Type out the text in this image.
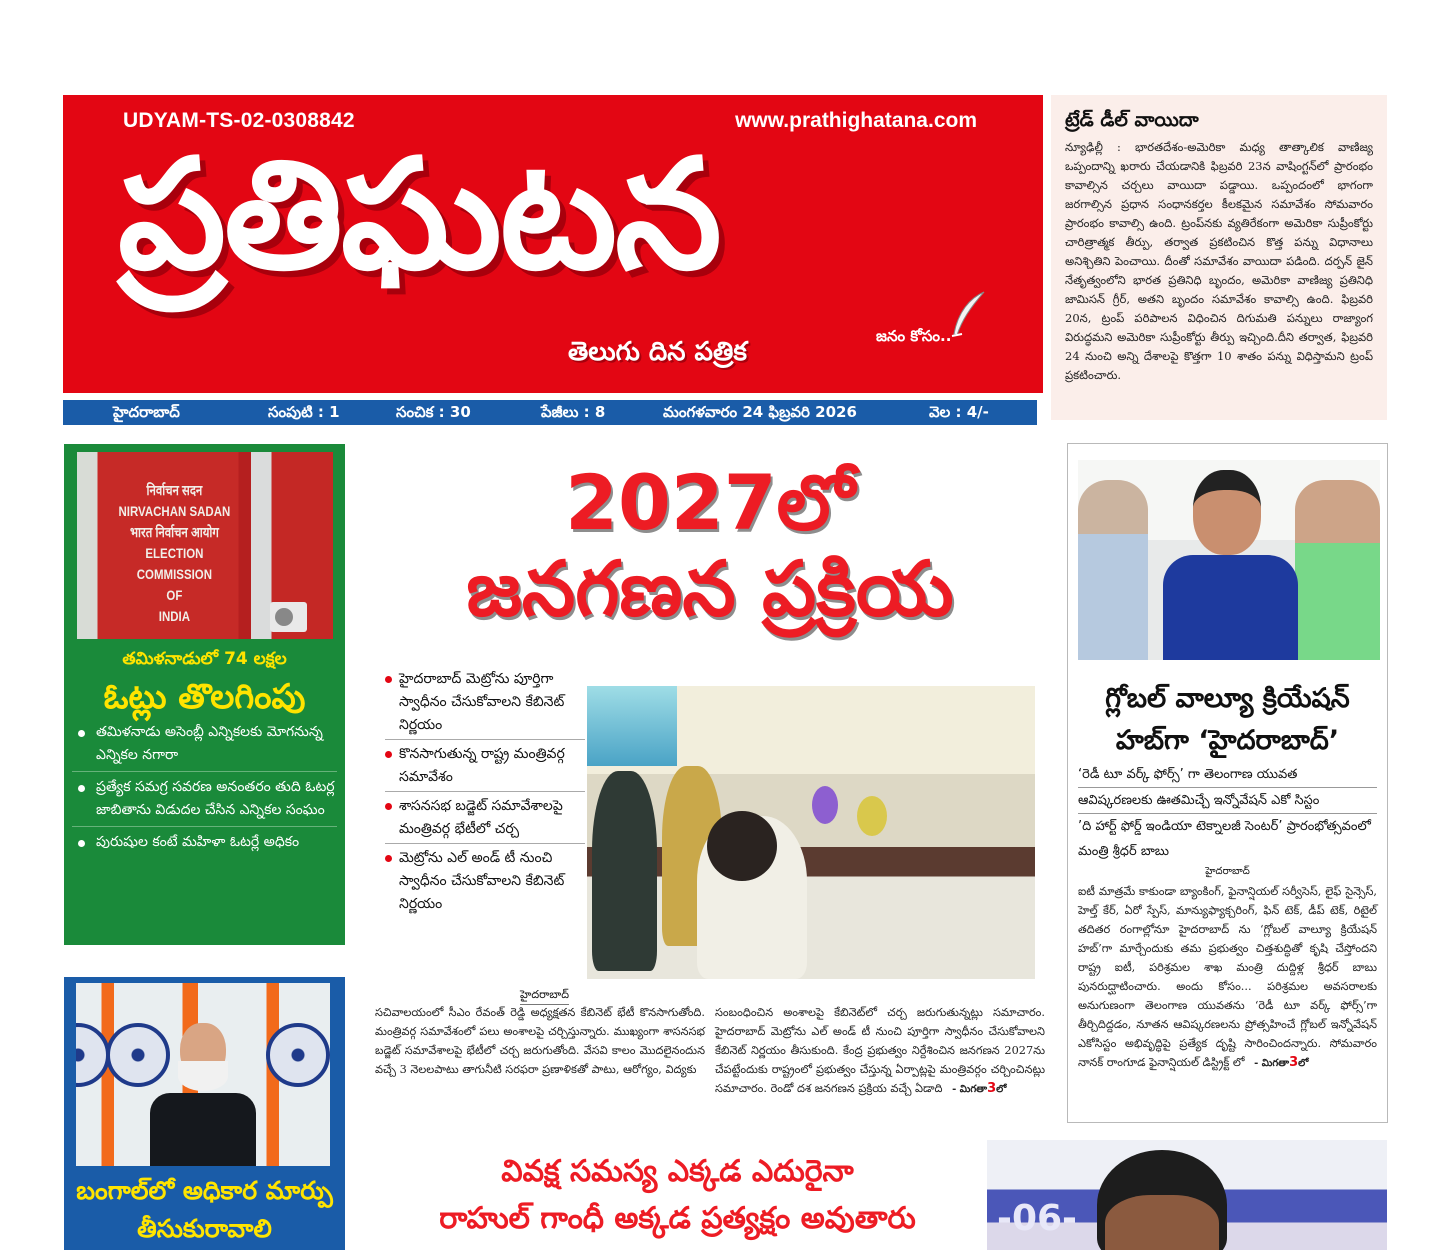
UDYAM-TS-02-0308842	www.prathighatana.com
ప్రతిఘటన
తెలుగు దిన పత్రిక
జనం కోసం..
హైదరాబాద్	సంపుటి : 1	సంచిక : 30	పేజీలు : 8	మంగళవారం 24 ఫిబ్రవరి 2026	వెల : 4/-
ట్రేడ్ డీల్ వాయిదా

న్యూఢిల్లీ : భారతదేశం-అమెరికా మధ్య తాత్కాలిక వాణిజ్య ఒప్పందాన్ని ఖరారు చేయడానికి ఫిబ్రవరి 23న వాషింగ్టన్‌లో ప్రారంభం కావాల్సిన చర్చలు వాయిదా పడ్డాయి. ఒప్పందంలో భాగంగా జరగాల్సిన ప్రధాన సంధానకర్తల కీలకమైన సమావేశం సోమవారం ప్రారంభం కావాల్సి ఉంది. ట్రంప్‌నకు వ్యతిరేకంగా అమెరికా సుప్రీంకోర్టు చారిత్రాత్మక తీర్పు, తర్వాత ప్రకటించిన కొత్త పన్ను విధానాలు అనిశ్చితిని పెంచాయి. దీంతో సమావేశం వాయిదా పడింది. దర్పన్ జైన్ నేతృత్వంలోని భారత ప్రతినిధి బృందం, అమెరికా వాణిజ్య ప్రతినిధి జామిసన్ గ్రీర్, అతని బృందం సమావేశం కావాల్సి ఉంది. ఫిబ్రవరి 20న, ట్రంప్ పరిపాలన విధించిన దిగుమతి పన్నులు రాజ్యాంగ విరుద్ధమని అమెరికా సుప్రీంకోర్టు తీర్పు ఇచ్చింది.దీని తర్వాత, ఫిబ్రవరి 24 నుంచి అన్ని దేశాలపై కొత్తగా 10 శాతం పన్ను విధిస్తామని ట్రంప్ ప్రకటించారు.

निर्वाचन सदन
NIRVACHAN SADAN
भारत निर्वाचन आयोग
ELECTION COMMISSION
OF
INDIA
తమిళనాడులో 74 లక్షల
ఓట్లు తొలగింపు
తమిళనాడు అసెంబ్లీ ఎన్నికలకు మోగనున్న ఎన్నికల నగారా
ప్రత్యేక సమగ్ర సవరణ అనంతరం తుది ఓటర్ల జాబితాను విడుదల చేసిన ఎన్నికల సంఘం
పురుషుల కంటే మహిళా ఓటర్లే అధికం
బంగాల్‌లో అధికార మార్పు తీసుకురావాలి
2027లో
జనగణన ప్రక్రియ
హైదరాబాద్ మెట్రోను పూర్తిగా స్వాధీనం చేసుకోవాలని కేబినెట్ నిర్ణయం
కొనసాగుతున్న రాష్ట్ర మంత్రివర్గ సమావేశం
శాసనసభ బడ్జెట్ సమావేశాలపై మంత్రివర్గ భేటీలో చర్చ
మెట్రోను ఎల్ అండ్ టీ నుంచి స్వాధీనం చేసుకోవాలని కేబినెట్ నిర్ణయం
హైదరాబాద్

సచివాలయంలో సీఎం రేవంత్ రెడ్డి అధ్యక్షతన కేబినెట్ భేటీ కొనసాగుతోంది. మంత్రివర్గ సమావేశంలో పలు అంశాలపై చర్చిస్తున్నారు. ముఖ్యంగా శాసనసభ బడ్జెట్ సమావేశాలపై భేటీలో చర్చ జరుగుతోంది. వేసవి కాలం మొదలైనందున వచ్చే 3 నెలలపాటు తాగునీటి సరఫరా ప్రణాళికతో పాటు, ఆరోగ్యం, విద్యకు

సంబంధించిన అంశాలపై కేబినెట్‌లో చర్చ జరుగుతున్నట్లు సమాచారం. హైదరాబాద్ మెట్రోను ఎల్ అండ్ టీ నుంచి పూర్తిగా స్వాధీనం చేసుకోవాలని కేబినెట్ నిర్ణయం తీసుకుంది. కేంద్ర ప్రభుత్వం నిర్దేశించిన జనగణన 2027ను చేపట్టేందుకు రాష్ట్రంలో ప్రభుత్వం చేస్తున్న ఏర్పాట్లపై మంత్రివర్గం చర్చించినట్లు సమాచారం. రెండో దశ జనగణన ప్రక్రియ వచ్చే ఏడాది - మిగతా3లో

గ్లోబల్ వాల్యూ క్రియేషన్ హబ్‌గా ‘హైదరాబాద్’
‘రెడీ టూ వర్క్ ఫోర్స్’ గా తెలంగాణ యువత
ఆవిష్కరణలకు ఊతమిచ్చే ఇన్నోవేషన్ ఎకో సిస్టం
’ది హార్ట్ ఫోర్డ్ ఇండియా టెక్నాలజీ సెంటర్’ ప్రారంభోత్సవంలో మంత్రి శ్రీధర్ బాబు
హైదరాబాద్

ఐటీ మాత్రమే కాకుండా బ్యాంకింగ్, ఫైనాన్షియల్ సర్వీసెస్, లైఫ్ సైన్సెస్, హెల్త్ కేర్, ఏరో స్పేస్, మాన్యుఫ్యాక్చరింగ్, ఫిన్ టెక్, డీప్ టెక్, రిటైల్ తదితర రంగాల్లోనూ హైదరాబాద్ ను ‘గ్లోబల్ వాల్యూ క్రియేషన్ హబ్’గా మార్చేందుకు తమ ప్రభుత్వం చిత్తశుద్ధితో కృషి చేస్తోందని రాష్ట్ర ఐటీ, పరిశ్రమల శాఖ మంత్రి దుద్దిళ్ల శ్రీధర్ బాబు పునరుద్ఘాటించారు. అందు కోసం... పరిశ్రమల అవసరాలకు అనుగుణంగా తెలంగాణ యువతను ‘రెడీ టూ వర్క్ ఫోర్స్’గా తీర్చిదిద్దడం, నూతన ఆవిష్కరణలను ప్రోత్సహించే గ్లోబల్ ఇన్నోవేషన్ ఎకోసిస్టం అభివృద్ధిపై ప్రత్యేక దృష్టి సారించిందన్నారు. సోమవారం నానక్ రాంగూడ ఫైనాన్షియల్ డిస్ట్రిక్ట్ లో - మిగతా3లో

వివక్ష సమస్య ఎక్కడ ఎదురైనా
రాహుల్ గాంధీ అక్కడ ప్రత్యక్షం అవుతారు	-06-
